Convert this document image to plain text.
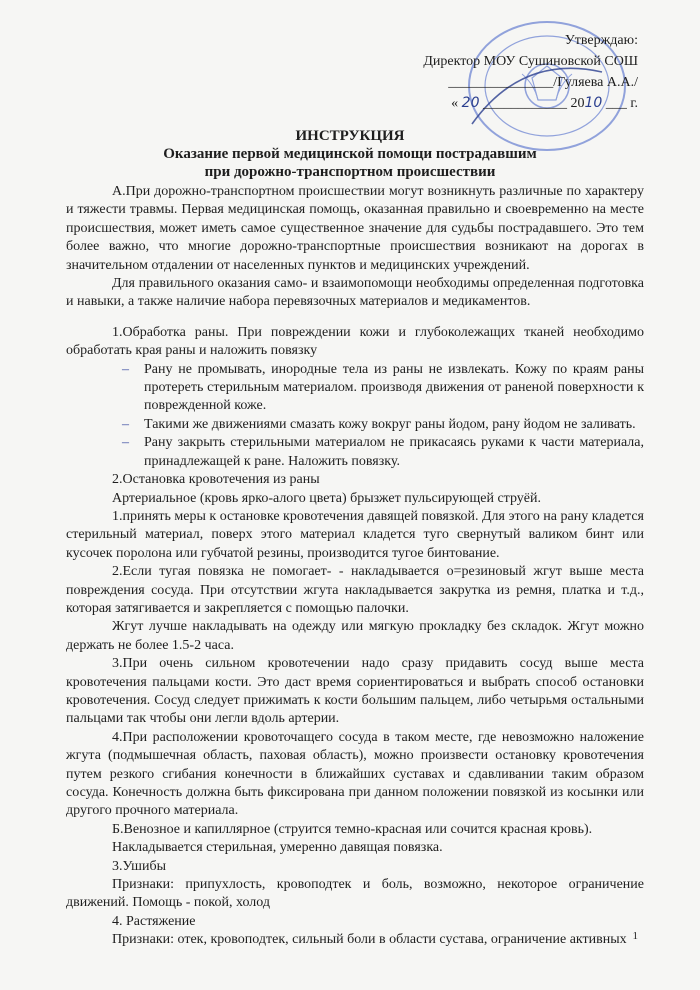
Утверждаю:
Директор МОУ Сушиновской СОШ
_______________/Гуляева А.А./
« 20 ____________ 2010 ___ г.
ИНСТРУКЦИЯ
Оказание первой медицинской помощи пострадавшим
при дорожно-транспортном происшествии

А.При дорожно-транспортном происшествии могут возникнуть различные по характеру и тяжести травмы. Первая медицинская помощь, оказанная правильно и своевременно на месте происшествия, может иметь самое существенное значение для судьбы пострадавшего. Это тем более важно, что многие дорожно-транспортные происшествия возникают на дорогах в значительном отдалении от населенных пунктов и медицинских учреждений.

Для правильного оказания само- и взаимопомощи необходимы определенная подготовка и навыки, а также наличие набора перевязочных материалов и медикаментов.

1.Обработка раны. При повреждении кожи и глубоколежащих тканей необходимо обработать края раны и наложить повязку

– Рану не промывать, инородные тела из раны не извлекать. Кожу по краям раны протереть стерильным материалом. производя движения от раненой поверхности к поврежденной коже.
– Такими же движениями смазать кожу вокруг раны йодом, рану йодом не заливать.
– Рану закрыть стерильными материалом не прикасаясь руками к части материала, принадлежащей к ране. Наложить повязку.

2.Остановка кровотечения из раны

Артериальное (кровь ярко-алого цвета) брызжет пульсирующей струёй.

1.принять меры к остановке кровотечения давящей повязкой. Для этого на рану кладется стерильный материал, поверх этого материал кладется туго свернутый валиком бинт или кусочек поролона или губчатой резины, производится тугое бинтование.

2.Если тугая повязка не помогает- - накладывается о=резиновый жгут выше места повреждения сосуда. При отсутствии жгута накладывается закрутка из ремня, платка и т.д., которая затягивается и закрепляется с помощью палочки.

Жгут лучше накладывать на одежду или мягкую прокладку без складок. Жгут можно держать не более 1.5-2 часа.

3.При очень сильном кровотечении надо сразу придавить сосуд выше места кровотечения пальцами кости. Это даст время сориентироваться и выбрать способ остановки кровотечения. Сосуд следует прижимать к кости большим пальцем, либо четырьмя остальными пальцами так чтобы они легли вдоль артерии.

4.При расположении кровоточащего сосуда в таком месте, где невозможно наложение жгута (подмышечная область, паховая область), можно произвести остановку кровотечения путем резкого сгибания конечности в ближайших суставах и сдавливании таким образом сосуда. Конечность должна быть фиксирована при данном положении повязкой из косынки или другого прочного материала.

Б.Венозное и капиллярное (струится темно-красная или сочится красная кровь).

Накладывается стерильная, умеренно давящая повязка.

3.Ушибы

Признаки: припухлость, кровоподтек и боль, возможно, некоторое ограничение движений. Помощь - покой, холод

4. Растяжение

Признаки: отек, кровоподтек, сильный боли в области сустава, ограничение активных 1
